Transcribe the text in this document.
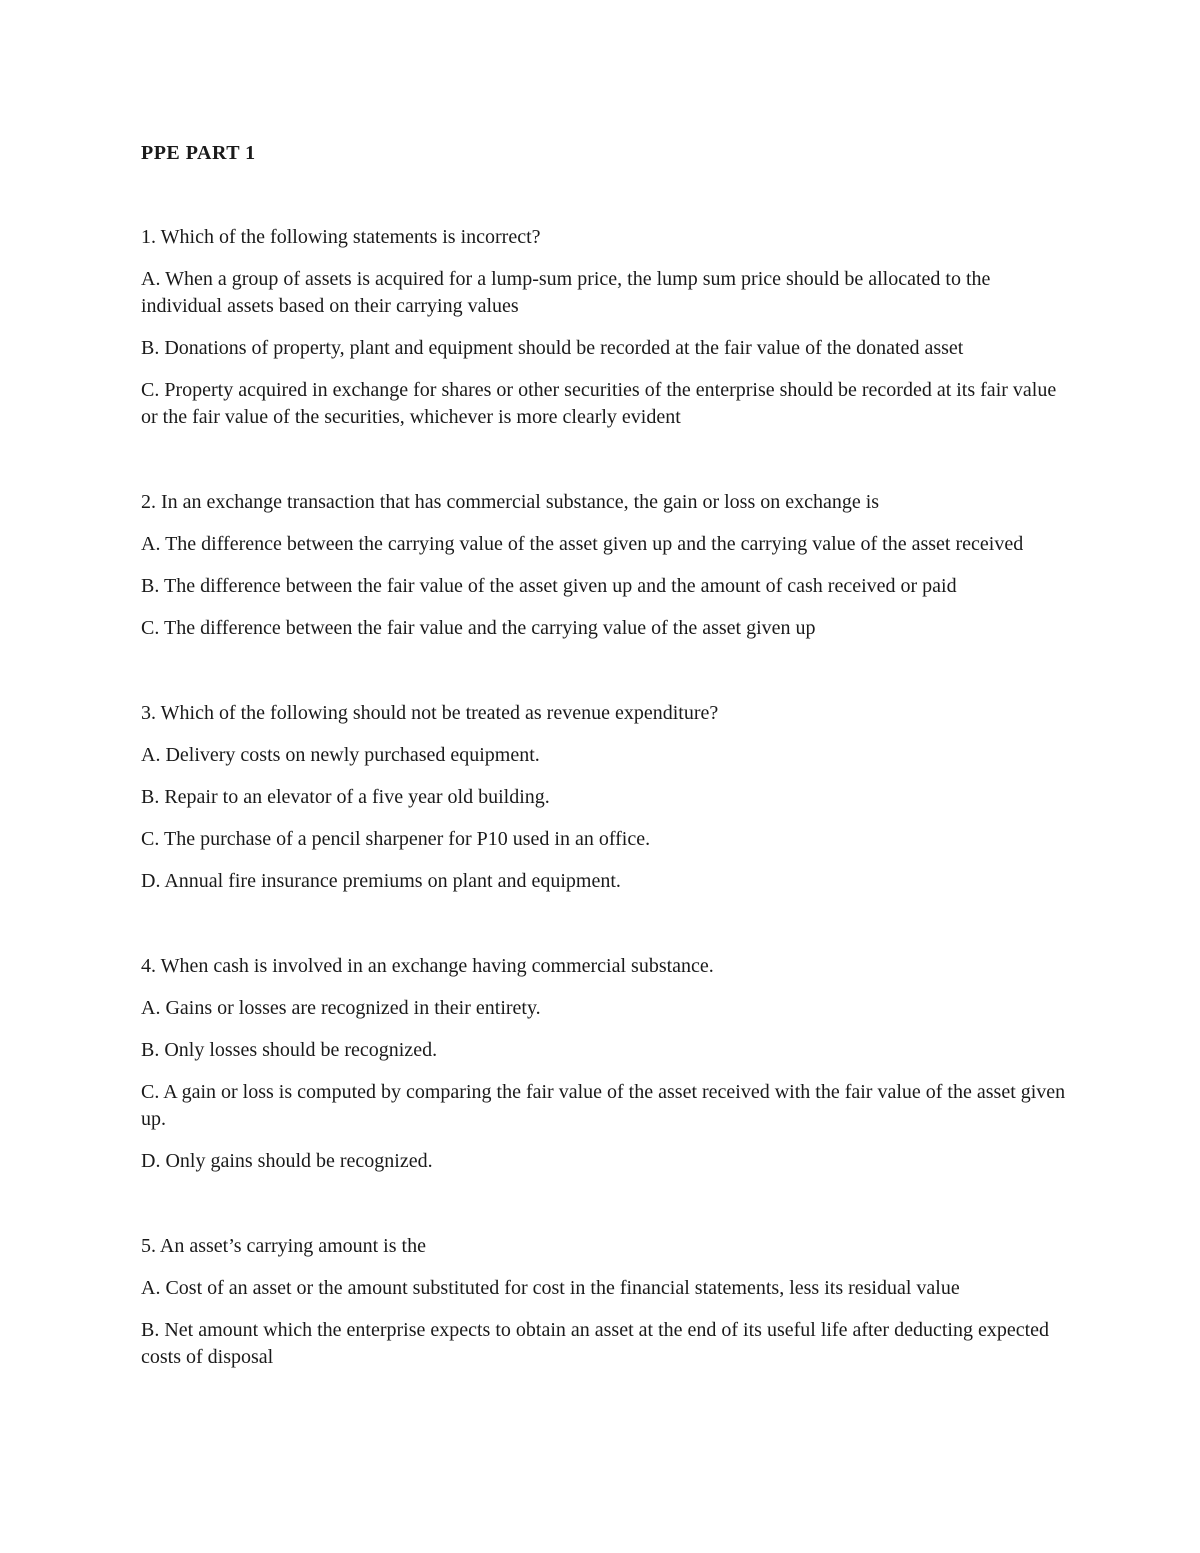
PPE PART 1
1. Which of the following statements is incorrect?
A. When a group of assets is acquired for a lump-sum price, the lump sum price should be allocated to the individual assets based on their carrying values
B. Donations of property, plant and equipment should be recorded at the fair value of the donated asset
C. Property acquired in exchange for shares or other securities of the enterprise should be recorded at its fair value or the fair value of the securities, whichever is more clearly evident
2. In an exchange transaction that has commercial substance, the gain or loss on exchange is
A. The difference between the carrying value of the asset given up and the carrying value of the asset received
B. The difference between the fair value of the asset given up and the amount of cash received or paid
C. The difference between the fair value and the carrying value of the asset given up
3. Which of the following should not be treated as revenue expenditure?
A. Delivery costs on newly purchased equipment.
B. Repair to an elevator of a five year old building.
C. The purchase of a pencil sharpener for P10 used in an office.
D. Annual fire insurance premiums on plant and equipment.
4. When cash is involved in an exchange having commercial substance.
A. Gains or losses are recognized in their entirety.
B. Only losses should be recognized.
C. A gain or loss is computed by comparing the fair value of the asset received with the fair value of the asset given up.
D. Only gains should be recognized.
5. An asset’s carrying amount is the
A. Cost of an asset or the amount substituted for cost in the financial statements, less its residual value
B. Net amount which the enterprise expects to obtain an asset at the end of its useful life after deducting expected costs of disposal
